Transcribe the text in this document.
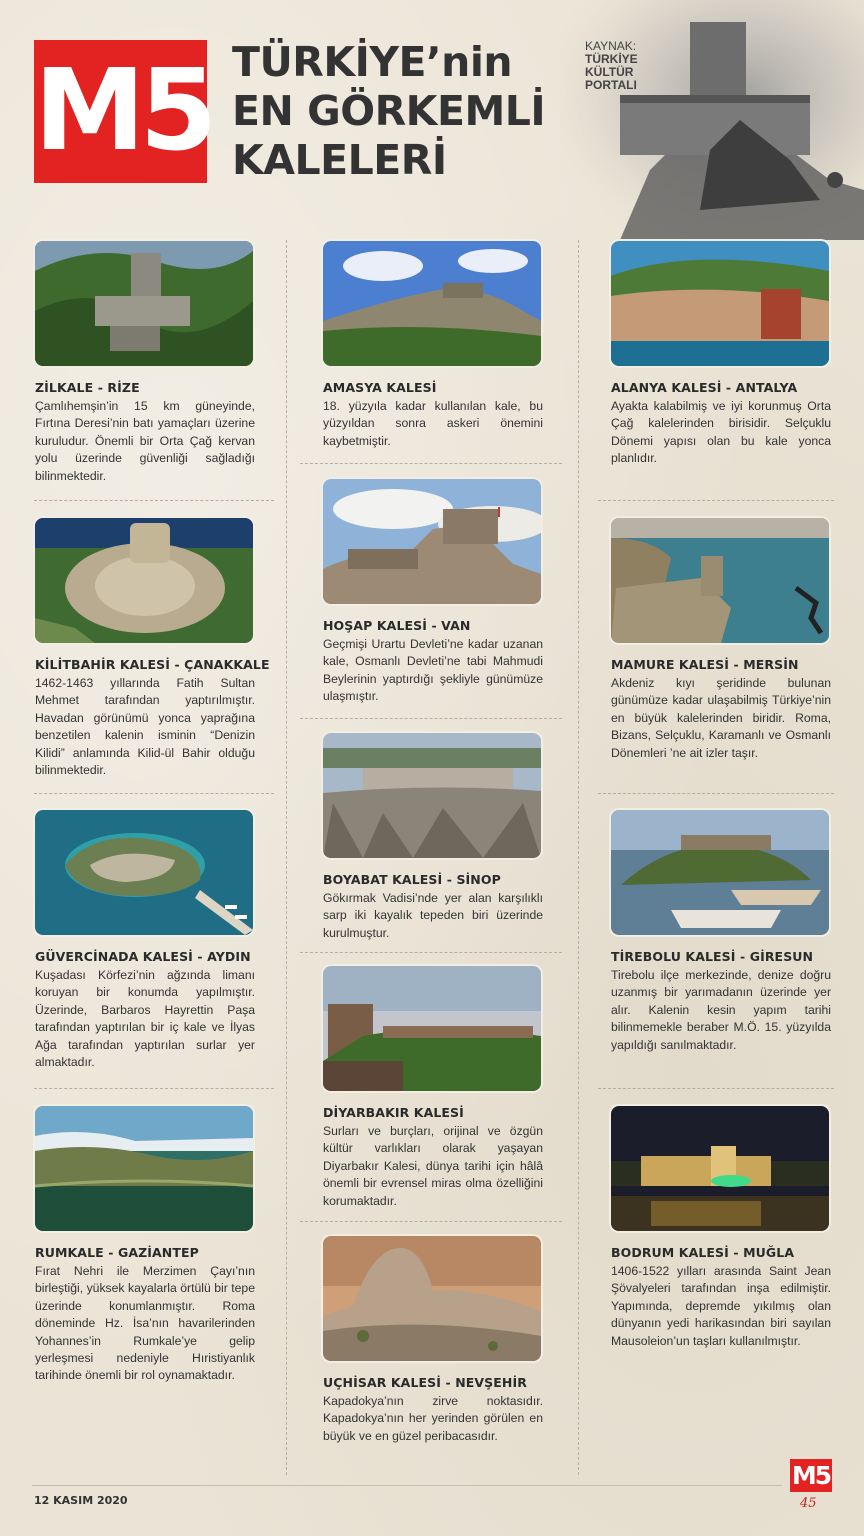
M5 TÜRKİYE’nin
EN GÖRKEMLİ
KALELERİ
KAYNAK:
TÜRKİYE KÜLTÜR PORTALI
ZİLKALE - RİZE

Çamlıhemşin’in 15 km güneyinde, Fırtına Deresi’nin batı yamaçları üzerine kuruludur. Önemli bir Orta Çağ kervan yolu üzerinde güvenliği sağladığı bilinmektedir.

KİLİTBAHİR KALESİ - ÇANAKKALE

1462-1463 yıllarında Fatih Sultan Mehmet tarafından yaptırılmıştır. Havadan görünümü yonca yaprağına benzetilen kalenin isminin “Denizin Kilidi” anlamında Kilid-ül Bahir olduğu bilinmektedir.

GÜVERCİNADA KALESİ - AYDIN

Kuşadası Körfezi’nin ağzında limanı koruyan bir konumda yapılmıştır. Üzerinde, Barbaros Hayrettin Paşa tarafından yaptırılan bir iç kale ve İlyas Ağa tarafından yaptırılan surlar yer almaktadır.

RUMKALE - GAZİANTEP

Fırat Nehri ile Merzimen Çayı’nın birleştiği, yüksek kayalarla örtülü bir tepe üzerinde konumlanmıştır. Roma döneminde Hz. İsa’nın havarilerinden Yohannes’in Rumkale’ye gelip yerleşmesi nedeniyle Hıristiyanlık tarihinde önemli bir rol oynamaktadır.

AMASYA KALESİ

18. yüzyıla kadar kullanılan kale, bu yüzyıldan sonra askeri önemini kaybetmiştir.

HOŞAP KALESİ - VAN

Geçmişi Urartu Devleti’ne kadar uzanan kale, Osmanlı Devleti’ne tabi Mahmudi Beylerinin yaptırdığı şekliyle günümüze ulaşmıştır.

BOYABAT KALESİ - SİNOP

Gökırmak Vadisi’nde yer alan karşılıklı sarp iki kayalık tepeden biri üzerinde kurulmuştur.

DİYARBAKIR KALESİ

Surları ve burçları, orijinal ve özgün kültür varlıkları olarak yaşayan Diyarbakır Kalesi, dünya tarihi için hâlâ önemli bir evrensel miras olma özelliğini korumaktadır.

UÇHİSAR KALESİ - NEVŞEHİR

Kapadokya’nın zirve noktasıdır. Kapadokya’nın her yerinden görülen en büyük ve en güzel peribacasıdır.

ALANYA KALESİ - ANTALYA

Ayakta kalabilmiş ve iyi korunmuş Orta Çağ kalelerinden birisidir. Selçuklu Dönemi yapısı olan bu kale yonca planlıdır.

MAMURE KALESİ - MERSİN

Akdeniz kıyı şeridinde bulunan günümüze kadar ulaşabilmiş Türkiye’nin en büyük kalelerinden biridir. Roma, Bizans, Selçuklu, Karamanlı ve Osmanlı Dönemleri ’ne ait izler taşır.

TİREBOLU KALESİ - GİRESUN

Tirebolu ilçe merkezinde, denize doğru uzanmış bir yarımadanın üzerinde yer alır. Kalenin kesin yapım tarihi bilinmemekle beraber M.Ö. 15. yüzyılda yapıldığı sanılmaktadır.

BODRUM KALESİ - MUĞLA

1406-1522 yılları arasında Saint Jean Şövalyeleri tarafından inşa edilmiştir. Yapımında, depremde yıkılmış olan dünyanın yedi harikasından biri sayılan Mausoleion’un taşları kullanılmıştır.

12 KASIM 2020
M5
45
